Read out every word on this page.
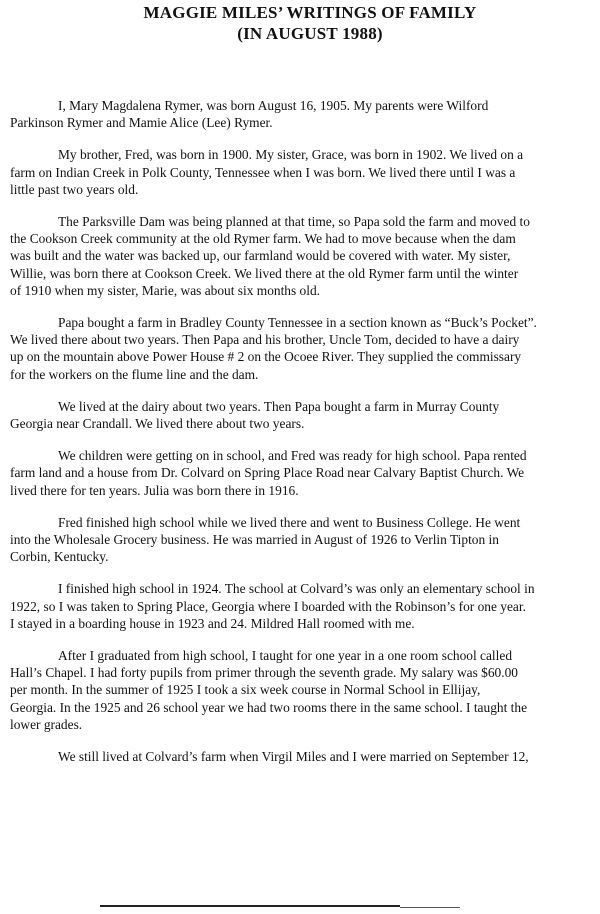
MAGGIE MILES’ WRITINGS OF FAMILY
(IN AUGUST 1988)

I, Mary Magdalena Rymer, was born August 16, 1905. My parents were Wilford
Parkinson Rymer and Mamie Alice (Lee) Rymer.

My brother, Fred, was born in 1900. My sister, Grace, was born in 1902. We lived on a
farm on Indian Creek in Polk County, Tennessee when I was born. We lived there until I was a
little past two years old.

The Parksville Dam was being planned at that time, so Papa sold the farm and moved to
the Cookson Creek community at the old Rymer farm. We had to move because when the dam
was built and the water was backed up, our farmland would be covered with water. My sister,
Willie, was born there at Cookson Creek. We lived there at the old Rymer farm until the winter
of 1910 when my sister, Marie, was about six months old.

Papa bought a farm in Bradley County Tennessee in a section known as “Buck’s Pocket”.
We lived there about two years. Then Papa and his brother, Uncle Tom, decided to have a dairy
up on the mountain above Power House # 2 on the Ocoee River. They supplied the commissary
for the workers on the flume line and the dam.

We lived at the dairy about two years. Then Papa bought a farm in Murray County
Georgia near Crandall. We lived there about two years.

We children were getting on in school, and Fred was ready for high school. Papa rented
farm land and a house from Dr. Colvard on Spring Place Road near Calvary Baptist Church. We
lived there for ten years. Julia was born there in 1916.

Fred finished high school while we lived there and went to Business College. He went
into the Wholesale Grocery business. He was married in August of 1926 to Verlin Tipton in
Corbin, Kentucky.

I finished high school in 1924. The school at Colvard’s was only an elementary school in
1922, so I was taken to Spring Place, Georgia where I boarded with the Robinson’s for one year.
I stayed in a boarding house in 1923 and 24. Mildred Hall roomed with me.

After I graduated from high school, I taught for one year in a one room school called
Hall’s Chapel. I had forty pupils from primer through the seventh grade. My salary was $60.00
per month. In the summer of 1925 I took a six week course in Normal School in Ellijay,
Georgia. In the 1925 and 26 school year we had two rooms there in the same school. I taught the
lower grades.

We still lived at Colvard’s farm when Virgil Miles and I were married on September 12,
